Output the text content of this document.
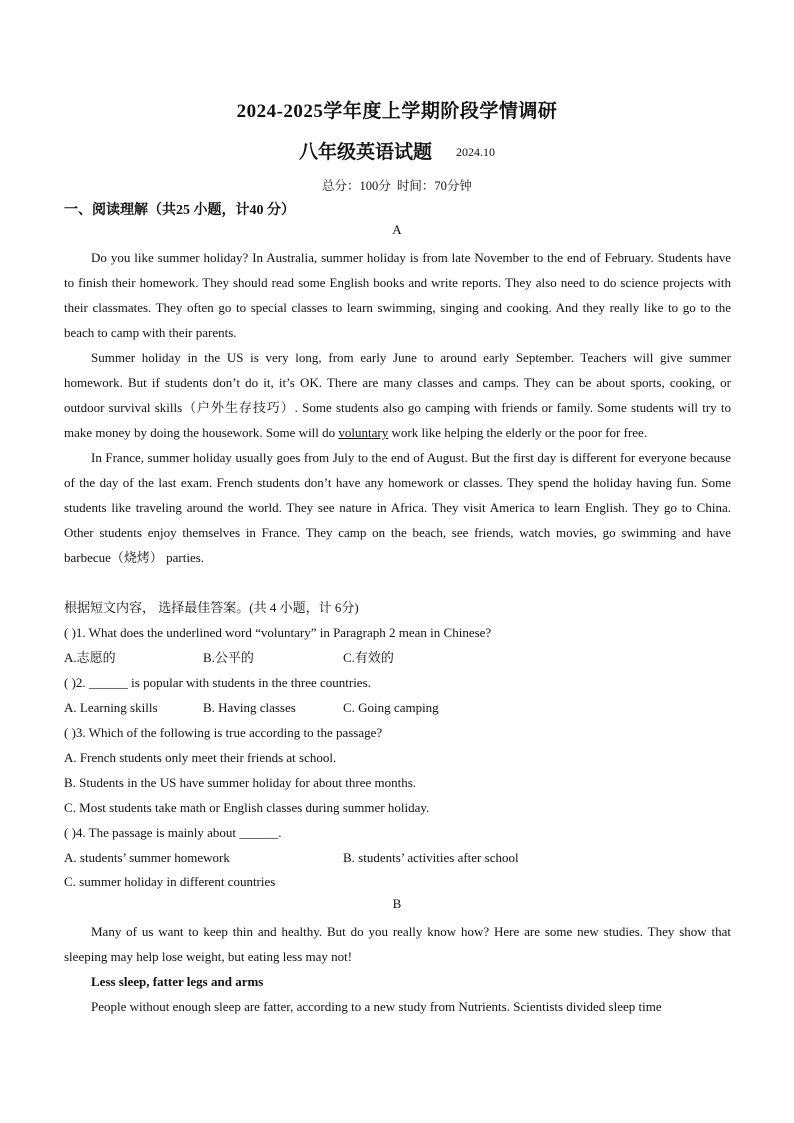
2024-2025学年度上学期阶段学情调研
八年级英语试题 2024.10
总分：100分 时间：70分钟
一、阅读理解（共25 小题，计40 分）
A

Do you like summer holiday? In Australia, summer holiday is from late November to the end of February. Students have to finish their homework. They should read some English books and write reports. They also need to do science projects with their classmates. They often go to special classes to learn swimming, singing and cooking. And they really like to go to the beach to camp with their parents.

Summer holiday in the US is very long, from early June to around early September. Teachers will give summer homework. But if students don’t do it, it’s OK. There are many classes and camps. They can be about sports, cooking, or outdoor survival skills（户外生存技巧）. Some students also go camping with friends or family. Some students will try to make money by doing the housework. Some will do voluntary work like helping the elderly or the poor for free.

In France, summer holiday usually goes from July to the end of August. But the first day is different for everyone because of the day of the last exam. French students don’t have any homework or classes. They spend the holiday having fun. Some students like traveling around the world. They see nature in Africa. They visit America to learn English. They go to China. Other students enjoy themselves in France. They camp on the beach, see friends, watch movies, go swimming and have barbecue（烧烤） parties.

根据短文内容， 选择最佳答案。(共 4 小题，计 6分)
( )1. What does the underlined word “voluntary” in Paragraph 2 mean in Chinese?
A.志愿的	B.公平的	C.有效的
( )2. ______ is popular with students in the three countries.
A. Learning skills	B. Having classes	C. Going camping
( )3. Which of the following is true according to the passage?
A. French students only meet their friends at school.
B. Students in the US have summer holiday for about three months.
C. Most students take math or English classes during summer holiday.
( )4. The passage is mainly about ______.
A. students’ summer homework	B. students’ activities after school
C. summer holiday in different countries
B

Many of us want to keep thin and healthy. But do you really know how? Here are some new studies. They show that sleeping may help lose weight, but eating less may not!

Less sleep, fatter legs and arms

People without enough sleep are fatter, according to a new study from Nutrients. Scientists divided sleep time
